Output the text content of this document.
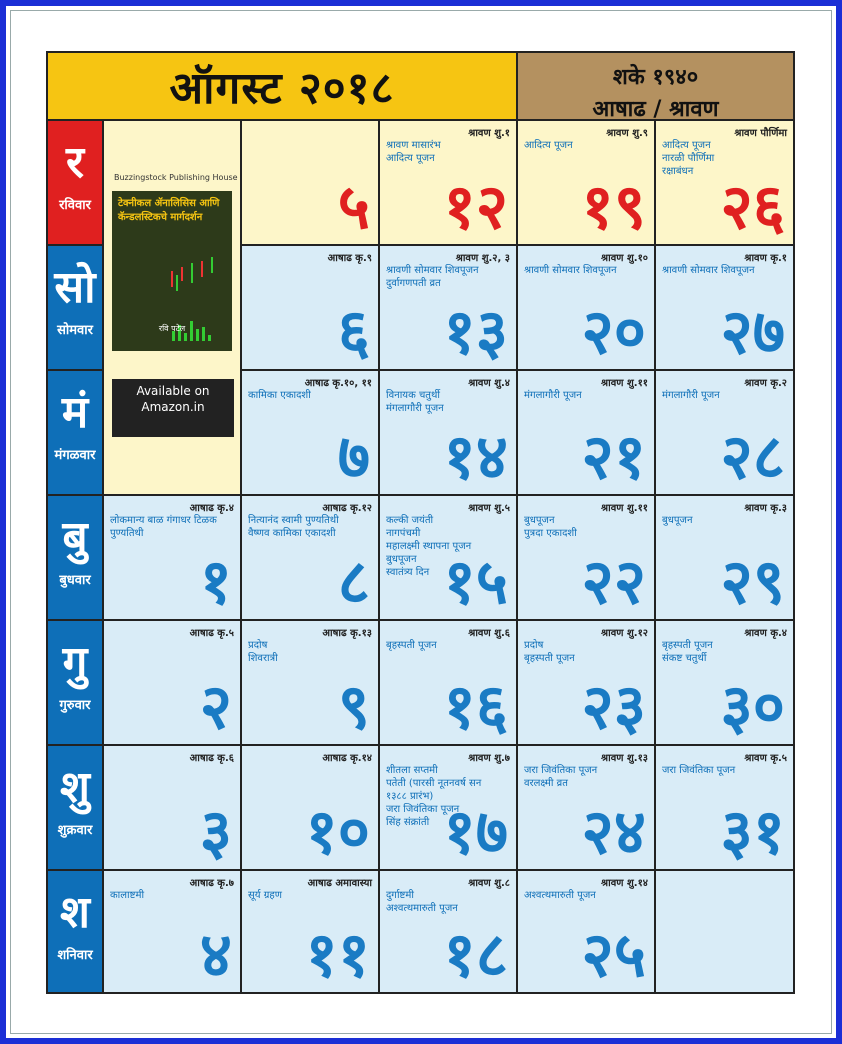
ऑगस्ट २०१८	शके १९४०
आषाढ / श्रावण
र
रविवार
सो
सोमवार
मं
मंगळवार
बु
बुधवार
गु
गुरुवार
शु
शुक्रवार
श
शनिवार
Buzzingstock Publishing House
टेक्नीकल ॲनालिसिस आणि कॅन्डलस्टिकचे मार्गदर्शन
रवि पटेल
Available on Amazon.in
५
श्रावण शु.१
श्रावण मासारंभ
आदित्य पूजन
१२
श्रावण शु.९
आदित्य पूजन
१९
श्रावण पौर्णिमा
आदित्य पूजन
नारळी पौर्णिमा
रक्षाबंधन २६
आषाढ कृ.९
६
श्रावण शु.२, ३
श्रावणी सोमवार शिवपूजन
दुर्वागणपती व्रत
१३
श्रावण शु.१०
श्रावणी सोमवार शिवपूजन
२०
श्रावण कृ.१
श्रावणी सोमवार शिवपूजन
२७
आषाढ कृ.१०, ११
कामिका एकादशी
७
श्रावण शु.४
विनायक चतुर्थी
मंगलागौरी पूजन
१४
श्रावण शु.११
मंगलागौरी पूजन
२१
श्रावण कृ.२
मंगलागौरी पूजन
२८
आषाढ कृ.४
लोकमान्य बाळ गंगाधर टिळक
पुण्यतिथी
१
आषाढ कृ.१२
नित्यानंद स्वामी पुण्यतिथी
वैष्णव कामिका एकादशी
८
श्रावण शु.५
कल्की जयंती
नागपंचमी
महालक्ष्मी स्थापना पूजन
बुधपूजन
स्वातंत्र्य दिन १५
श्रावण शु.११
बुधपूजन
पुत्रदा एकादशी
२२
श्रावण कृ.३
बुधपूजन
२९
आषाढ कृ.५
२
आषाढ कृ.१३
प्रदोष
शिवरात्री
९
श्रावण शु.६
बृहस्पती पूजन
१६
श्रावण शु.१२
प्रदोष
बृहस्पती पूजन
२३
श्रावण कृ.४
बृहस्पती पूजन
संकष्ट चतुर्थी
३०
आषाढ कृ.६
३
आषाढ कृ.१४
१०
श्रावण शु.७
शीतला सप्तमी
पतेती (पारसी नूतनवर्ष सन
१३८८ प्रारंभ)
जरा जिवंतिका पूजन
सिंह संक्रांती १७
श्रावण शु.१३
जरा जिवंतिका पूजन
वरलक्ष्मी व्रत
२४
श्रावण कृ.५
जरा जिवंतिका पूजन
३१
आषाढ कृ.७
कालाष्टमी
४
आषाढ अमावास्या
सूर्य ग्रहण
११
श्रावण शु.८
दुर्गाष्टमी
अश्वत्थमारुती पूजन
१८
श्रावण शु.१४
अश्वत्थमारुती पूजन
२५
